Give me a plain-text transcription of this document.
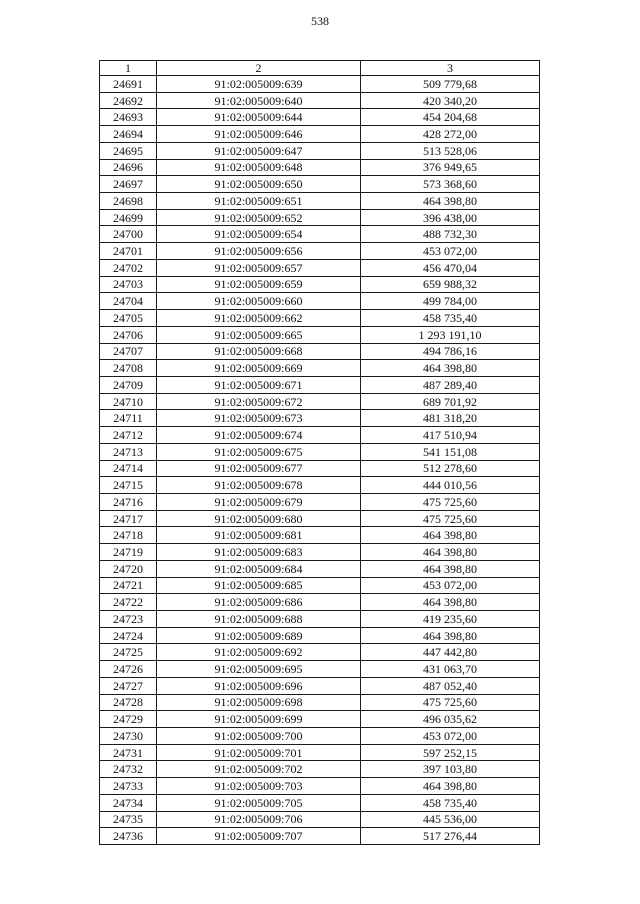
538
1	2	3
24691	91:02:005009:639	509 779,68
24692	91:02:005009:640	420 340,20
24693	91:02:005009:644	454 204,68
24694	91:02:005009:646	428 272,00
24695	91:02:005009:647	513 528,06
24696	91:02:005009:648	376 949,65
24697	91:02:005009:650	573 368,60
24698	91:02:005009:651	464 398,80
24699	91:02:005009:652	396 438,00
24700	91:02:005009:654	488 732,30
24701	91:02:005009:656	453 072,00
24702	91:02:005009:657	456 470,04
24703	91:02:005009:659	659 988,32
24704	91:02:005009:660	499 784,00
24705	91:02:005009:662	458 735,40
24706	91:02:005009:665	1 293 191,10
24707	91:02:005009:668	494 786,16
24708	91:02:005009:669	464 398,80
24709	91:02:005009:671	487 289,40
24710	91:02:005009:672	689 701,92
24711	91:02:005009:673	481 318,20
24712	91:02:005009:674	417 510,94
24713	91:02:005009:675	541 151,08
24714	91:02:005009:677	512 278,60
24715	91:02:005009:678	444 010,56
24716	91:02:005009:679	475 725,60
24717	91:02:005009:680	475 725,60
24718	91:02:005009:681	464 398,80
24719	91:02:005009:683	464 398,80
24720	91:02:005009:684	464 398,80
24721	91:02:005009:685	453 072,00
24722	91:02:005009:686	464 398,80
24723	91:02:005009:688	419 235,60
24724	91:02:005009:689	464 398,80
24725	91:02:005009:692	447 442,80
24726	91:02:005009:695	431 063,70
24727	91:02:005009:696	487 052,40
24728	91:02:005009:698	475 725,60
24729	91:02:005009:699	496 035,62
24730	91:02:005009:700	453 072,00
24731	91:02:005009:701	597 252,15
24732	91:02:005009:702	397 103,80
24733	91:02:005009:703	464 398,80
24734	91:02:005009:705	458 735,40
24735	91:02:005009:706	445 536,00
24736	91:02:005009:707	517 276,44
